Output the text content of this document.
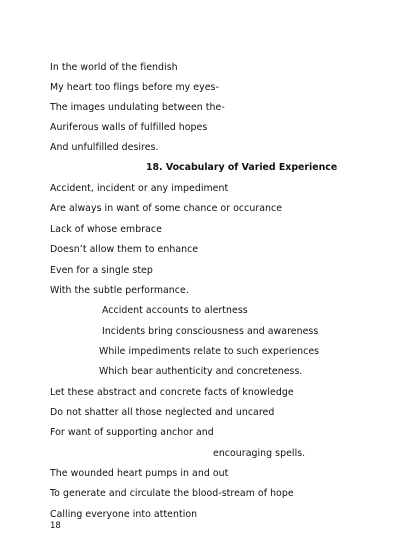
In the world of the fiendish
My heart too flings before my eyes-
The images undulating between the-
Auriferous walls of fulfilled hopes
And unfulfilled desires.
18. Vocabulary of Varied Experience
Accident, incident or any impediment
Are always in want of some chance or occurance
Lack of whose embrace
Doesn’t allow them to enhance
Even for a single step
With the subtle performance.
Accident accounts to alertness
Incidents bring consciousness and awareness
While impediments relate to such experiences
Which bear authenticity and concreteness.
Let these abstract and concrete facts of knowledge
Do not shatter all those neglected and uncared
For want of supporting anchor and
encouraging spells.
The wounded heart pumps in and out
To generate and circulate the blood-stream of hope
Calling everyone into attention
18
